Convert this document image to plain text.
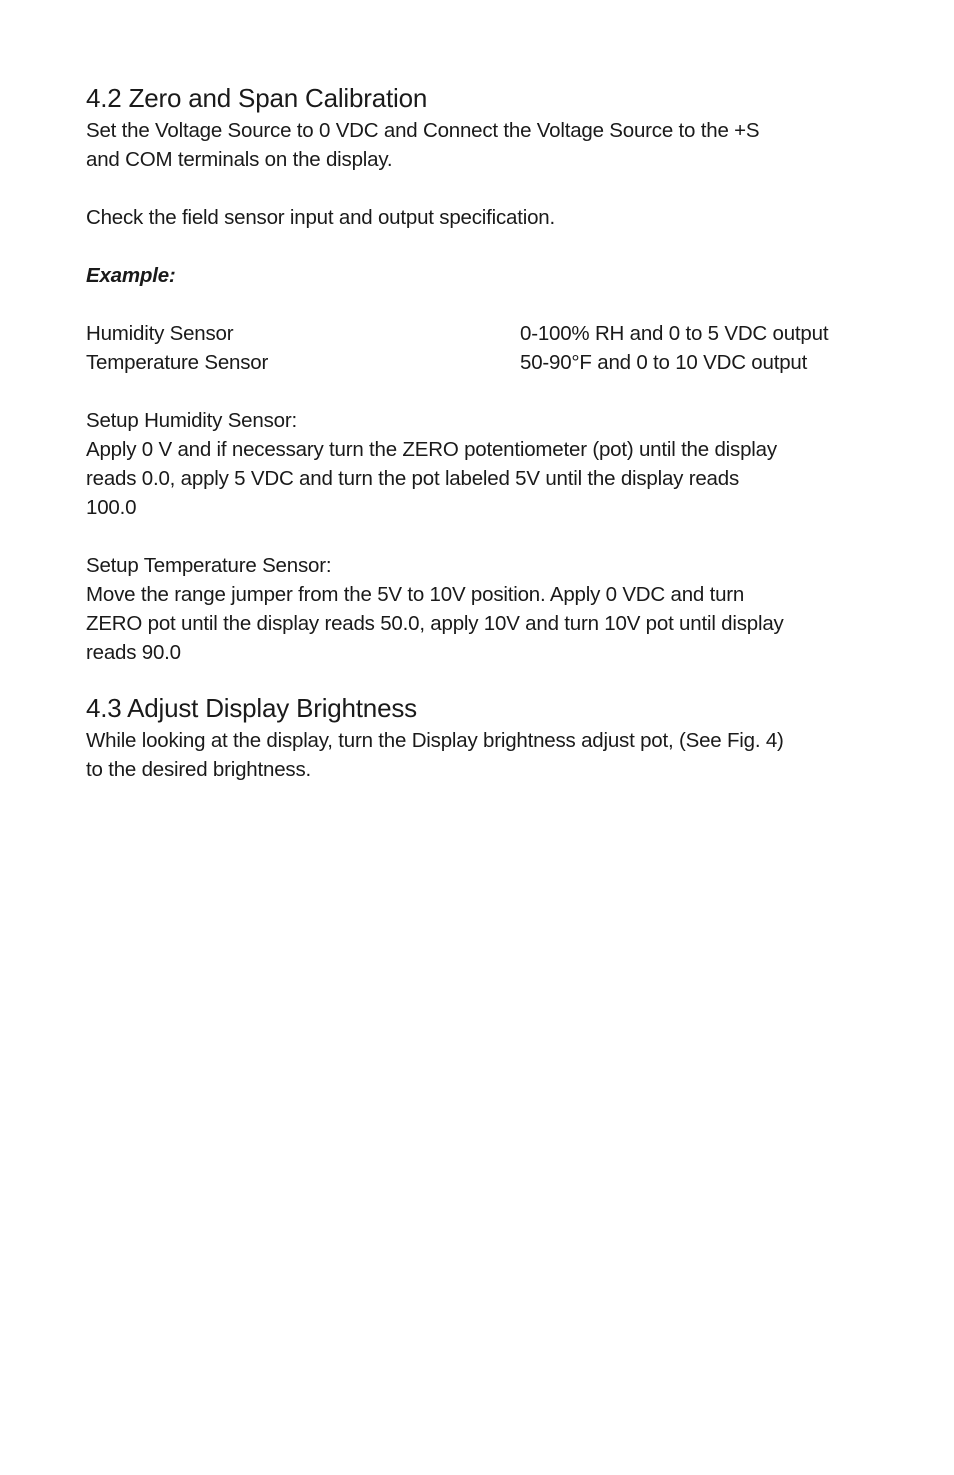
4.2 Zero and Span Calibration

Set the Voltage Source to 0 VDC and Connect the Voltage Source to the +S
and COM terminals on the display.

Check the field sensor input and output specification.

Example:

Humidity Sensor	0-100% RH and 0 to 5 VDC output
Temperature Sensor	50-90°F and 0 to 10 VDC output

Setup Humidity Sensor:
Apply 0 V and if necessary turn the ZERO potentiometer (pot) until the display
reads 0.0, apply 5 VDC and turn the pot labeled 5V until the display reads
100.0

Setup Temperature Sensor:
Move the range jumper from the 5V to 10V position. Apply 0 VDC and turn
ZERO pot until the display reads 50.0, apply 10V and turn 10V pot until display
reads 90.0

4.3 Adjust Display Brightness

While looking at the display, turn the Display brightness adjust pot, (See Fig. 4)
to the desired brightness.
